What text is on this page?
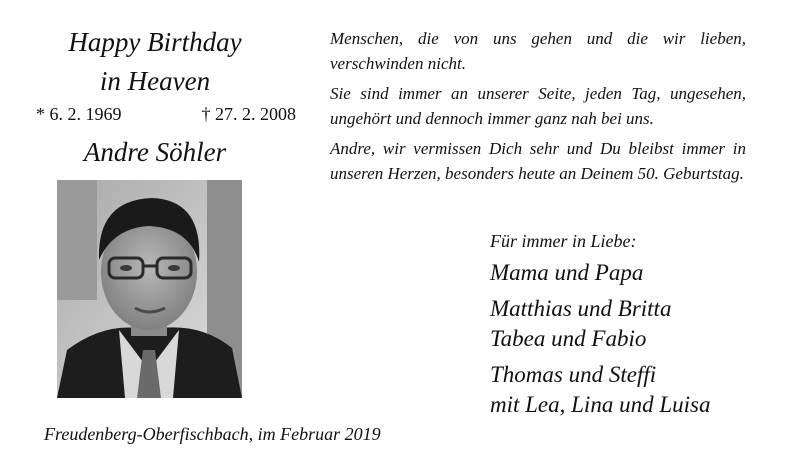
Happy Birthday
in Heaven
* 6. 2. 1969	† 27. 2. 2008
Andre Söhler
Freudenberg-Oberfischbach, im Februar 2019

Menschen, die von uns gehen und die wir lieben, verschwinden nicht.

Sie sind immer an unserer Seite, jeden Tag, ungesehen, ungehört und dennoch immer ganz nah bei uns.

Andre, wir vermissen Dich sehr und Du bleibst immer in unseren Herzen, besonders heute an Deinem 50. Geburtstag.

Für immer in Liebe:
Mama und Papa
Matthias und Britta
Tabea und Fabio
Thomas und Steffi
mit Lea, Lina und Luisa
